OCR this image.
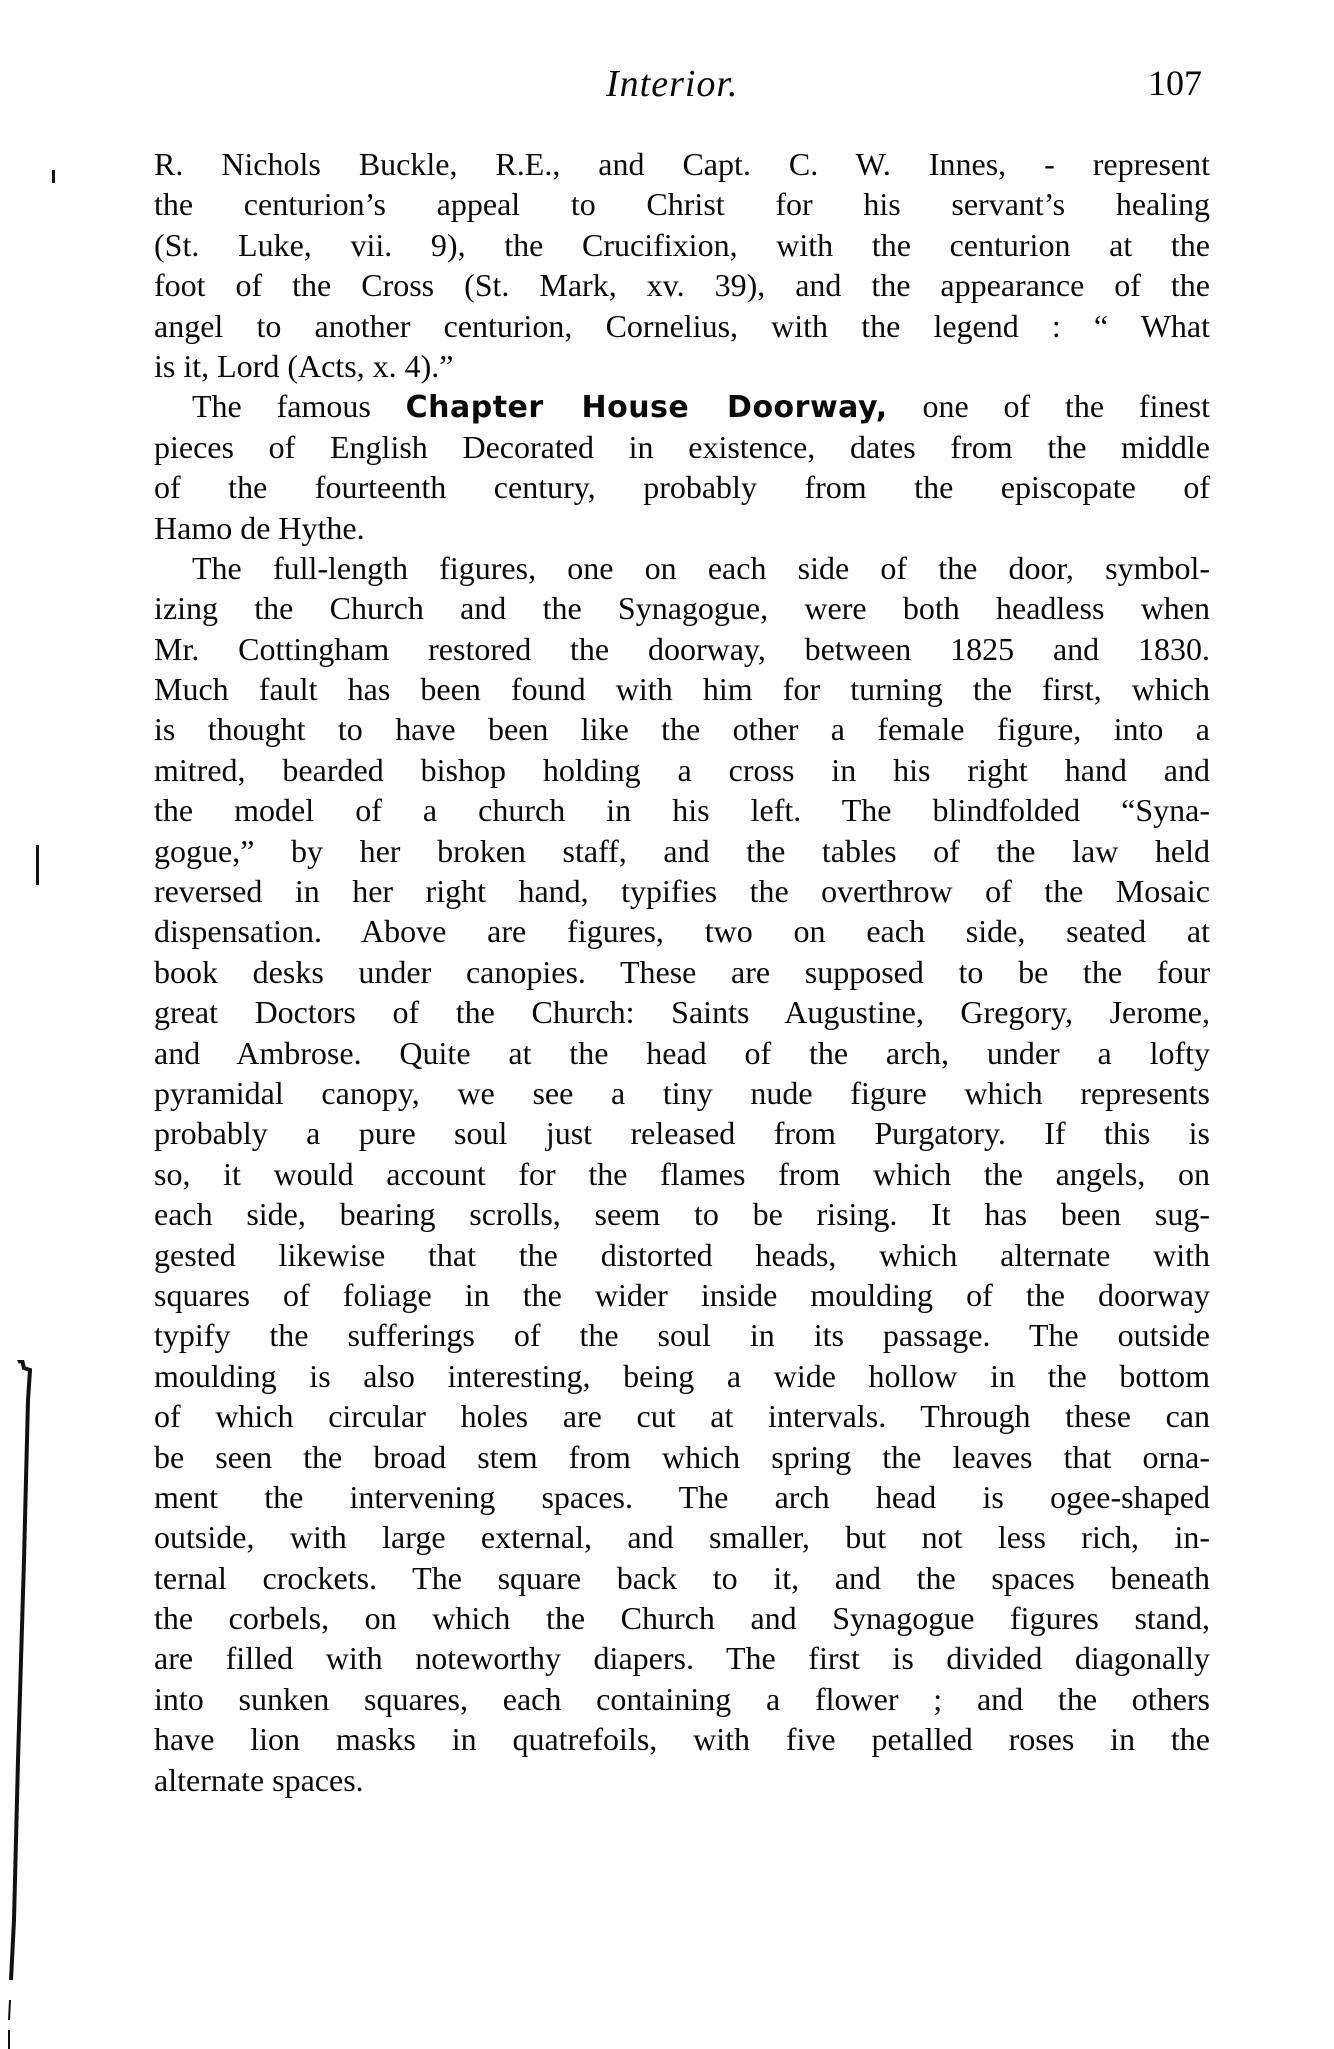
Interior.	107
R. Nichols Buckle, R.E., and Capt. C. W. Innes, - represent
the centurion’s appeal to Christ for his servant’s healing
(St. Luke, vii. 9), the Crucifixion, with the centurion at the
foot of the Cross (St. Mark, xv. 39), and the appearance of the
angel to another centurion, Cornelius, with the legend : “ What
is it, Lord (Acts, x. 4).”
The famous Chapter House Doorway, one of the finest
pieces of English Decorated in existence, dates from the middle
of the fourteenth century, probably from the episcopate of
Hamo de Hythe.
The full-length figures, one on each side of the door, symbol-
izing the Church and the Synagogue, were both headless when
Mr. Cottingham restored the doorway, between 1825 and 1830.
Much fault has been found with him for turning the first, which
is thought to have been like the other a female figure, into a
mitred, bearded bishop holding a cross in his right hand and
the model of a church in his left. The blindfolded “Syna-
gogue,” by her broken staff, and the tables of the law held
reversed in her right hand, typifies the overthrow of the Mosaic
dispensation. Above are figures, two on each side, seated at
book desks under canopies. These are supposed to be the four
great Doctors of the Church: Saints Augustine, Gregory, Jerome,
and Ambrose. Quite at the head of the arch, under a lofty
pyramidal canopy, we see a tiny nude figure which represents
probably a pure soul just released from Purgatory. If this is
so, it would account for the flames from which the angels, on
each side, bearing scrolls, seem to be rising. It has been sug-
gested likewise that the distorted heads, which alternate with
squares of foliage in the wider inside moulding of the doorway
typify the sufferings of the soul in its passage. The outside
moulding is also interesting, being a wide hollow in the bottom
of which circular holes are cut at intervals. Through these can
be seen the broad stem from which spring the leaves that orna-
ment the intervening spaces. The arch head is ogee-shaped
outside, with large external, and smaller, but not less rich, in-
ternal crockets. The square back to it, and the spaces beneath
the corbels, on which the Church and Synagogue figures stand,
are filled with noteworthy diapers. The first is divided diagonally
into sunken squares, each containing a flower ; and the others
have lion masks in quatrefoils, with five petalled roses in the
alternate spaces.
